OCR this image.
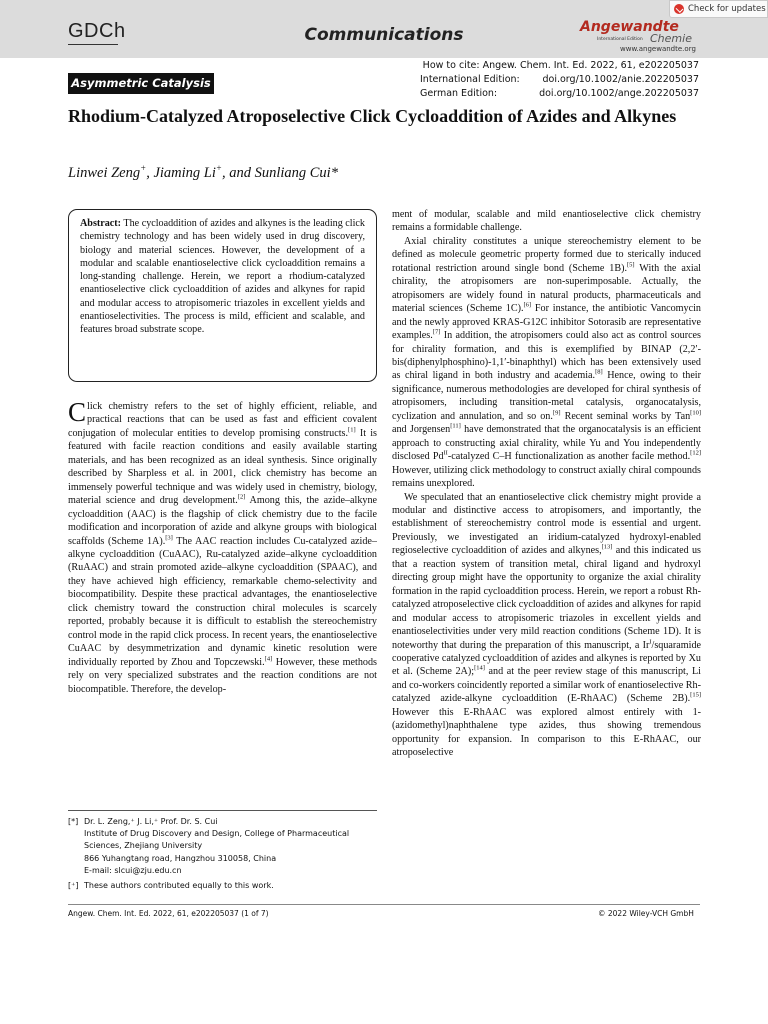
GDCh	Communications	Angewandte
International Edition Chemie
www.angewandte.org
Check for updates
Asymmetric Catalysis
How to cite: Angew. Chem. Int. Ed. 2022, 61, e202205037
International Edition:	doi.org/10.1002/anie.202205037
German Edition:	doi.org/10.1002/ange.202205037
Rhodium-Catalyzed Atroposelective Click Cycloaddition of Azides and Alkynes
Linwei Zeng+, Jiaming Li+, and Sunliang Cui*
Abstract: The cycloaddition of azides and alkynes is the leading click chemistry technology and has been widely used in drug discovery, biology and material sciences. However, the development of a modular and scalable enantioselective click cycloaddition remains a long-standing challenge. Herein, we report a rhodium-catalyzed enantioselective click cycloaddition of azides and alkynes for rapid and modular access to atropisomeric triazoles in excellent yields and enantioselectivities. The process is mild, efficient and scalable, and features broad substrate scope.

Click chemistry refers to the set of highly efficient, reliable, and practical reactions that can be used as fast and efficient covalent conjugation of molecular entities to develop promising constructs.[1] It is featured with facile reaction conditions and easily available starting materials, and has been recognized as an ideal synthesis. Since originally described by Sharpless et al. in 2001, click chemistry has become an immensely powerful technique and was widely used in chemistry, biology, material science and drug development.[2] Among this, the azide–alkyne cycloaddition (AAC) is the flagship of click chemistry due to the facile modification and incorporation of azide and alkyne groups with biological scaffolds (Scheme 1A).[3] The AAC reaction includes Cu-catalyzed azide–alkyne cycloaddition (CuAAC), Ru-catalyzed azide–alkyne cycloaddition (RuAAC) and strain promoted azide–alkyne cycloaddition (SPAAC), and they have achieved high efficiency, remarkable chemo-selectivity and biocompatibility. Despite these practical advantages, the enantioselective click chemistry toward the construction chiral molecules is scarcely reported, probably because it is difficult to establish the stereochemistry control mode in the rapid click process. In recent years, the enantioselective CuAAC by desymmetrization and dynamic kinetic resolution were individually reported by Zhou and Topczewski.[4] However, these methods rely on very specialized substrates and the reaction conditions are not biocompatible. Therefore, the develop-

ment of modular, scalable and mild enantioselective click chemistry remains a formidable challenge.

Axial chirality constitutes a unique stereochemistry element to be defined as molecule geometric property formed due to sterically induced rotational restriction around single bond (Scheme 1B).[5] With the axial chirality, the atropisomers are non-superimposable. Actually, the atropisomers are widely found in natural products, pharmaceuticals and material sciences (Scheme 1C).[6] For instance, the antibiotic Vancomycin and the newly approved KRAS-G12C inhibitor Sotorasib are representative examples.[7] In addition, the atropisomers could also act as control sources for chirality formation, and this is exemplified by BINAP (2,2′-bis(diphenylphosphino)-1,1′-binaphthyl) which has been extensively used as chiral ligand in both industry and academia.[8] Hence, owing to their significance, numerous methodologies are developed for chiral synthesis of atropisomers, including transition-metal catalysis, organocatalysis, cyclization and annulation, and so on.[9] Recent seminal works by Tan[10] and Jorgensen[11] have demonstrated that the organocatalysis is an efficient approach to constructing axial chirality, while Yu and You independently disclosed $Pd^{II}$-catalyzed C–H functionalization as another facile method.[12] However, utilizing click methodology to construct axially chiral compounds remains unexplored.

We speculated that an enantioselective click chemistry might provide a modular and distinctive access to atropisomers, and importantly, the establishment of stereochemistry control mode is essential and urgent. Previously, we investigated an iridium-catalyzed hydroxyl-enabled regioselective cycloaddition of azides and alkynes,[13] and this indicated us that a reaction system of transition metal, chiral ligand and hydroxyl directing group might have the opportunity to organize the axial chirality formation in the rapid cycloaddition process. Herein, we report a robust Rh-catalyzed atroposelective click cycloaddition of azides and alkynes for rapid and modular access to atropisomeric triazoles in excellent yields and enantioselectivities under very mild reaction conditions (Scheme 1D). It is noteworthy that during the preparation of this manuscript, a $Ir^I$/squaramide cooperative catalyzed cycloaddition of azides and alkynes is reported by Xu et al. (Scheme 2A);[14] and at the peer review stage of this manuscript, Li and co-workers coincidently reported a similar work of enantioselective Rh-catalyzed azide-alkyne cycloaddition (E-RhAAC) (Scheme 2B).[15] However this E-RhAAC was explored almost entirely with 1-(azidomethyl)naphthalene type azides, thus showing tremendous opportunity for expansion. In comparison to this E-RhAAC, our atroposelective

[*] Dr. L. Zeng,⁺ J. Li,⁺ Prof. Dr. S. Cui
Institute of Drug Discovery and Design, College of Pharmaceutical
Sciences, Zhejiang University
866 Yuhangtang road, Hangzhou 310058, China
E-mail: slcui@zju.edu.cn
[⁺] These authors contributed equally to this work.
Angew. Chem. Int. Ed. 2022, 61, e202205037 (1 of 7)	© 2022 Wiley-VCH GmbH
